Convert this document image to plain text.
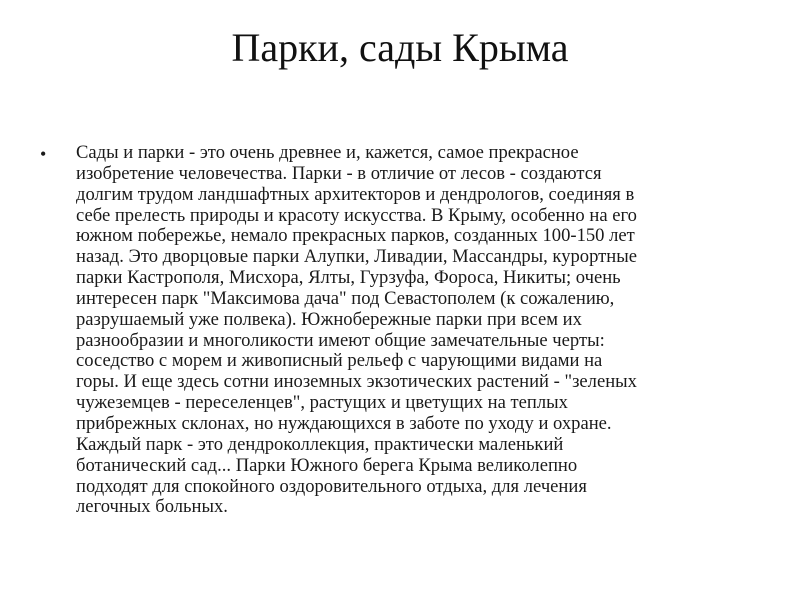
Парки, сады Крыма
• Сады и парки - это очень древнее и, кажется, самое прекрасное
изобретение человечества. Парки - в отличие от лесов - создаются
долгим трудом ландшафтных архитекторов и дендрологов, соединяя в
себе прелесть природы и красоту искусства. В Крыму, особенно на его
южном побережье, немало прекрасных парков, созданных 100-150 лет
назад. Это дворцовые парки Алупки, Ливадии, Массандры, курортные
парки Кастрополя, Мисхора, Ялты, Гурзуфа, Фороса, Никиты; очень
интересен парк "Максимова дача" под Севастополем (к сожалению,
разрушаемый уже полвека). Южнобережные парки при всем их
разнообразии и многоликости имеют общие замечательные черты:
соседство с морем и живописный рельеф с чарующими видами на
горы. И еще здесь сотни иноземных экзотических растений - "зеленых
чужеземцев - переселенцев", растущих и цветущих на теплых
прибрежных склонах, но нуждающихся в заботе по уходу и охране.
Каждый парк - это дендроколлекция, практически маленький
ботанический сад... Парки Южного берега Крыма великолепно
подходят для спокойного оздоровительного отдыха, для лечения
легочных больных.
